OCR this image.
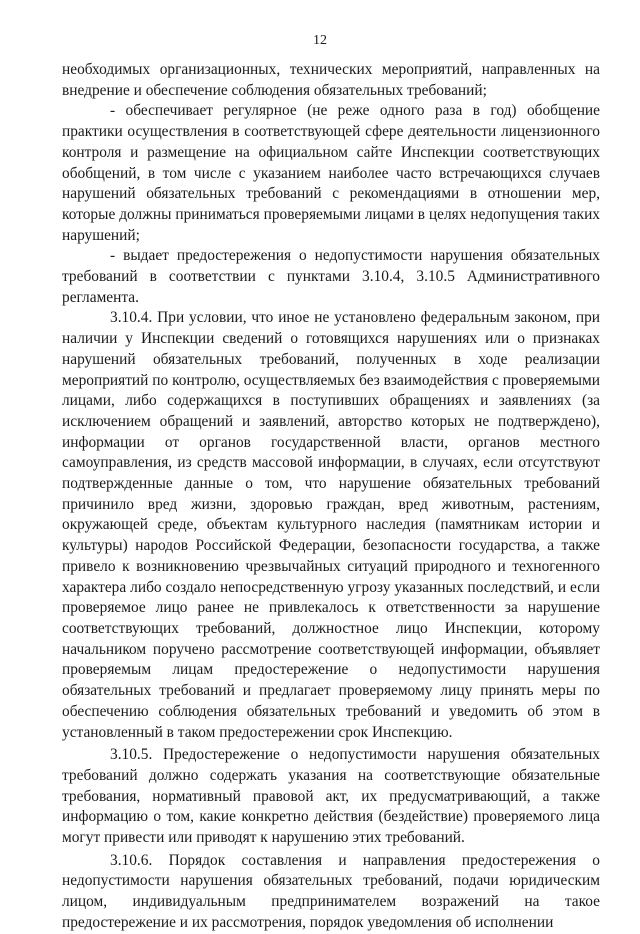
12

необходимых организационных, технических мероприятий, направленных на внедрение и обеспечение соблюдения обязательных требований;

- обеспечивает регулярное (не реже одного раза в год) обобщение практики осуществления в соответствующей сфере деятельности лицензионного контроля и размещение на официальном сайте Инспекции соответствующих обобщений, в том числе с указанием наиболее часто встречающихся случаев нарушений обязательных требований с рекомендациями в отношении мер, которые должны приниматься проверяемыми лицами в целях недопущения таких нарушений;

- выдает предостережения о недопустимости нарушения обязательных требований в соответствии с пунктами 3.10.4, 3.10.5 Административного регламента.

3.10.4. При условии, что иное не установлено федеральным законом, при наличии у Инспекции сведений о готовящихся нарушениях или о признаках нарушений обязательных требований, полученных в ходе реализации мероприятий по контролю, осуществляемых без взаимодействия с проверяемыми лицами, либо содержащихся в поступивших обращениях и заявлениях (за исключением обращений и заявлений, авторство которых не подтверждено), информации от органов государственной власти, органов местного самоуправления, из средств массовой информации, в случаях, если отсутствуют подтвержденные данные о том, что нарушение обязательных требований причинило вред жизни, здоровью граждан, вред животным, растениям, окружающей среде, объектам культурного наследия (памятникам истории и культуры) народов Российской Федерации, безопасности государства, а также привело к возникновению чрезвычайных ситуаций природного и техногенного характера либо создало непосредственную угрозу указанных последствий, и если проверяемое лицо ранее не привлекалось к ответственности за нарушение соответствующих требований, должностное лицо Инспекции, которому начальником поручено рассмотрение соответствующей информации, объявляет проверяемым лицам предостережение о недопустимости нарушения обязательных требований и предлагает проверяемому лицу принять меры по обеспечению соблюдения обязательных требований и уведомить об этом в установленный в таком предостережении срок Инспекцию.

3.10.5. Предостережение о недопустимости нарушения обязательных требований должно содержать указания на соответствующие обязательные требования, нормативный правовой акт, их предусматривающий, а также информацию о том, какие конкретно действия (бездействие) проверяемого лица могут привести или приводят к нарушению этих требований.

3.10.6. Порядок составления и направления предостережения о недопустимости нарушения обязательных требований, подачи юридическим лицом, индивидуальным предпринимателем возражений на такое предостережение и их рассмотрения, порядок уведомления об исполнении
